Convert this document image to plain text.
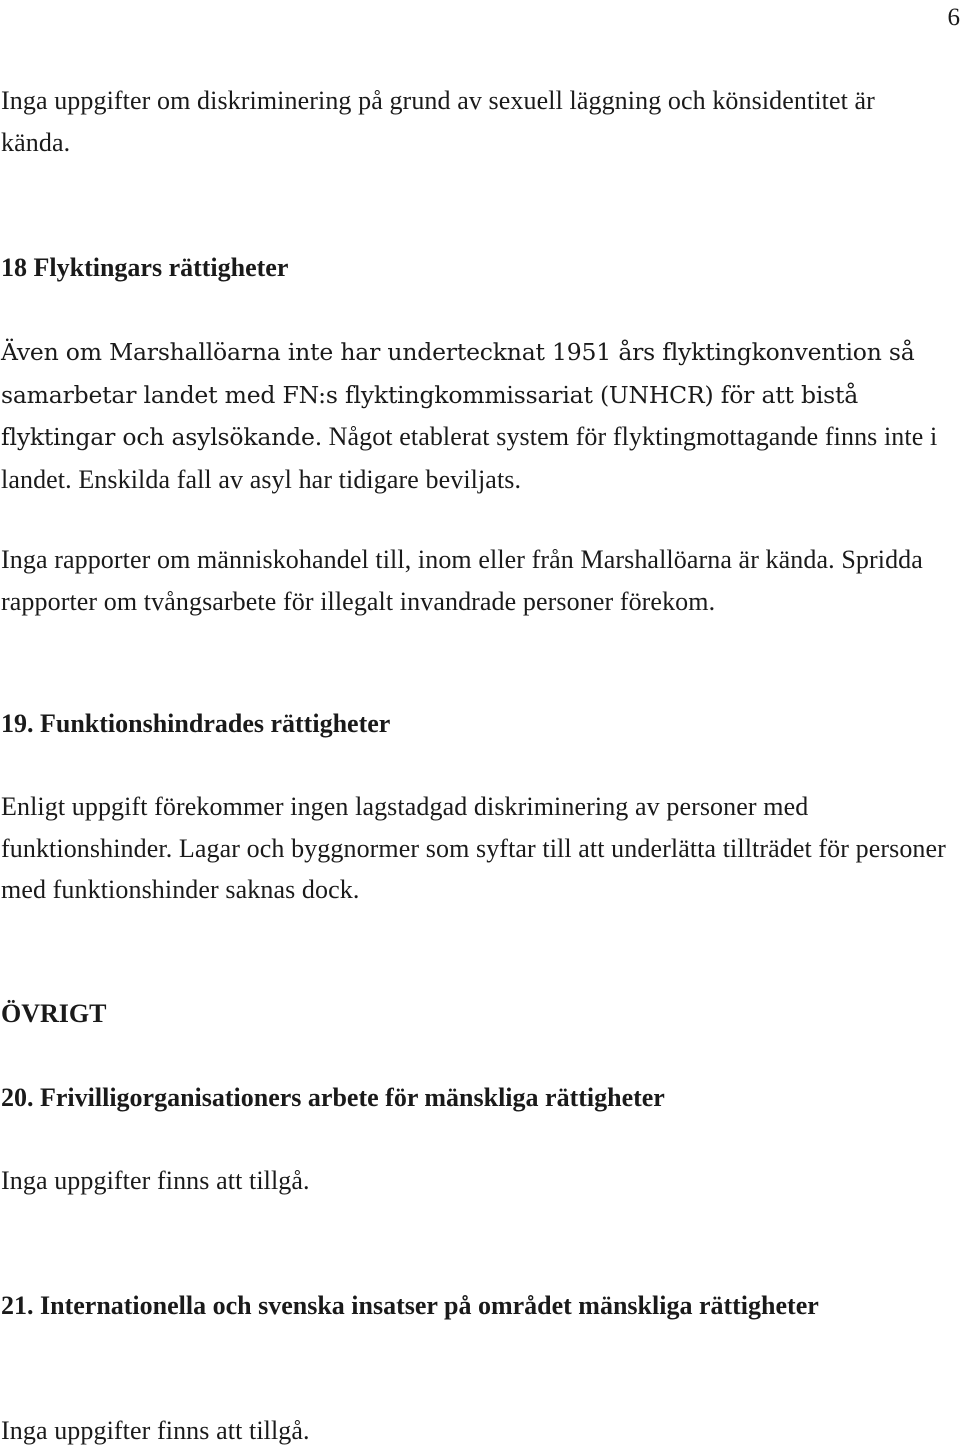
6

Inga uppgifter om diskriminering på grund av sexuell läggning och könsidentitet är kända.

18 Flyktingars rättigheter

Även om Marshallöarna inte har undertecknat 1951 års flyktingkonvention så samarbetar landet med FN:s flyktingkommissariat (UNHCR) för att bistå flyktingar och asylsökande. Något etablerat system för flyktingmottagande finns inte i landet. Enskilda fall av asyl har tidigare beviljats.

Inga rapporter om människohandel till, inom eller från Marshallöarna är kända. Spridda rapporter om tvångsarbete för illegalt invandrade personer förekom.

19. Funktionshindrades rättigheter

Enligt uppgift förekommer ingen lagstadgad diskriminering av personer med funktionshinder. Lagar och byggnormer som syftar till att underlätta tillträdet för personer med funktionshinder saknas dock.

ÖVRIGT
20. Frivilligorganisationers arbete för mänskliga rättigheter

Inga uppgifter finns att tillgå.

21. Internationella och svenska insatser på området mänskliga rättigheter

Inga uppgifter finns att tillgå.
